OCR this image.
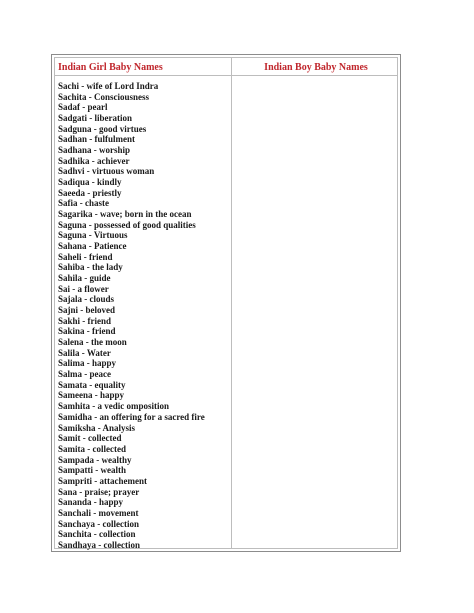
Indian Girl Baby Names	Indian Boy Baby Names
Sachi - wife of Lord Indra
Sachita - Consciousness
Sadaf - pearl
Sadgati - liberation
Sadguna - good virtues
Sadhan - fulfulment
Sadhana - worship
Sadhika - achiever
Sadhvi - virtuous woman
Sadiqua - kindly
Saeeda - priestly
Safia - chaste
Sagarika - wave; born in the ocean
Saguna - possessed of good qualities
Saguna - Virtuous
Sahana - Patience
Saheli - friend
Sahiba - the lady
Sahila - guide
Sai - a flower
Sajala - clouds
Sajni - beloved
Sakhi - friend
Sakina - friend
Salena - the moon
Salila - Water
Salima - happy
Salma - peace
Samata - equality
Sameena - happy
Samhita - a vedic omposition
Samidha - an offering for a sacred fire
Samiksha - Analysis
Samit - collected
Samita - collected
Sampada - wealthy
Sampatti - wealth
Sampriti - attachement
Sana - praise; prayer
Sananda - happy
Sanchali - movement
Sanchaya - collection
Sanchita - collection
Sandhaya - collection
